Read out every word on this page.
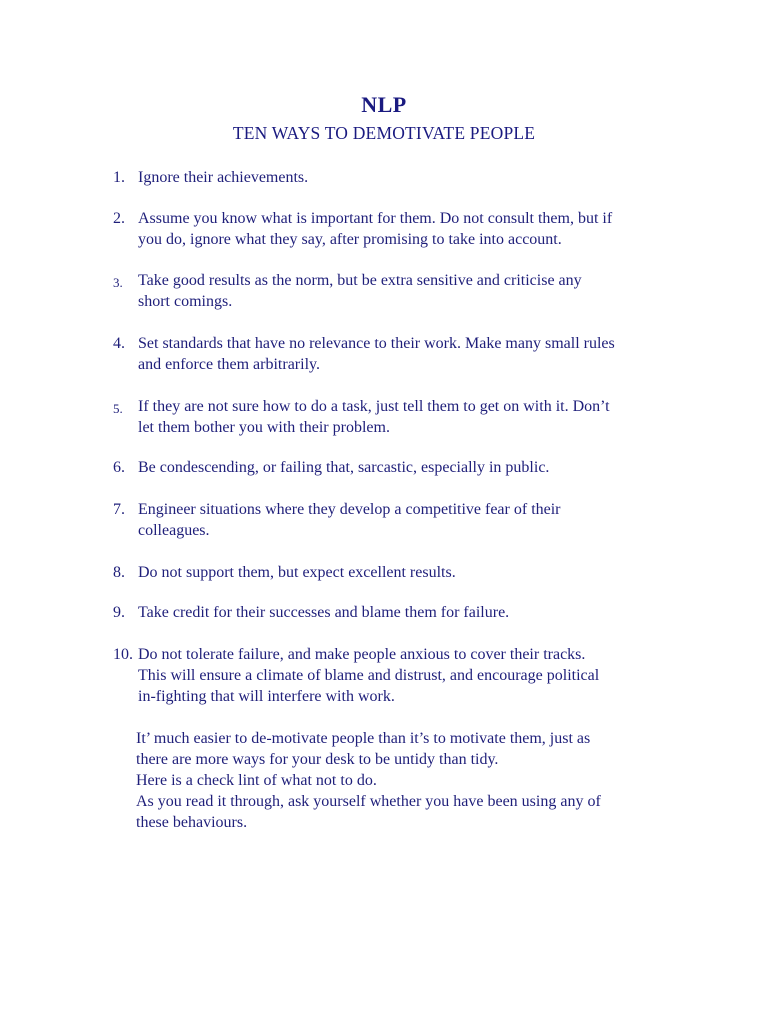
NLP
TEN WAYS TO DEMOTIVATE PEOPLE
1. Ignore their achievements.
2. Assume you know what is important for them. Do not consult them, but if
you do, ignore what they say, after promising to take into account.
3. Take good results as the norm, but be extra sensitive and criticise any
short comings.
4. Set standards that have no relevance to their work. Make many small rules
and enforce them arbitrarily.
5. If they are not sure how to do a task, just tell them to get on with it. Don’t
let them bother you with their problem.
6. Be condescending, or failing that, sarcastic, especially in public.
7. Engineer situations where they develop a competitive fear of their
colleagues.
8. Do not support them, but expect excellent results.
9. Take credit for their successes and blame them for failure.
10. Do not tolerate failure, and make people anxious to cover their tracks.
This will ensure a climate of blame and distrust, and encourage political
in-fighting that will interfere with work.
It’ much easier to de-motivate people than it’s to motivate them, just as
there are more ways for your desk to be untidy than tidy.
Here is a check lint of what not to do.
As you read it through, ask yourself whether you have been using any of
these behaviours.
